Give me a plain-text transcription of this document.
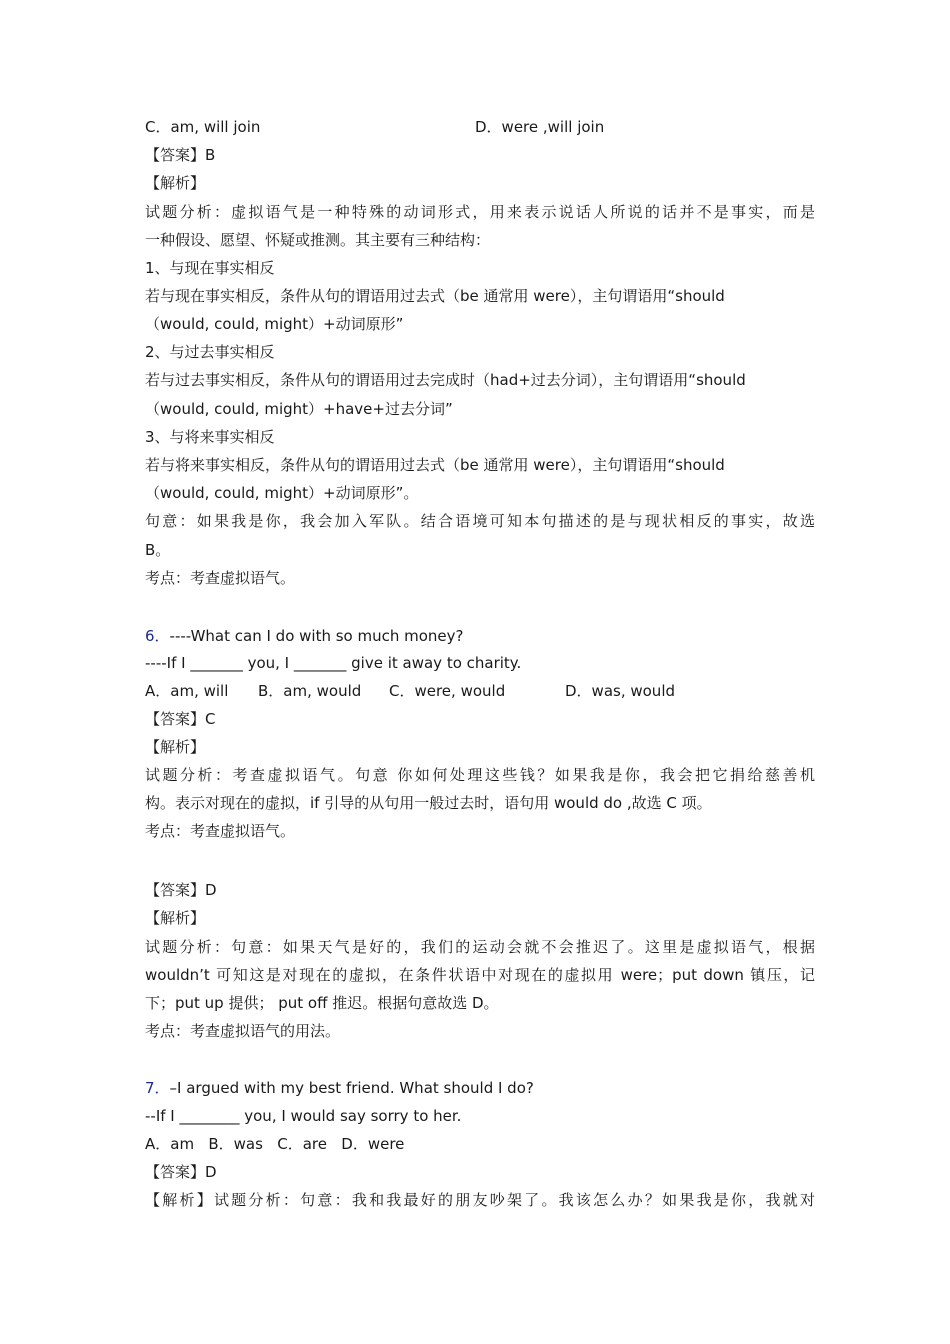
C．am, will join	D．were ,will join
【答案】B
【解析】
试题分析：虚拟语气是一种特殊的动词形式，用来表示说话人所说的话并不是事实，而是
一种假设、愿望、怀疑或推测。其主要有三种结构：
1、与现在事实相反
若与现在事实相反，条件从句的谓语用过去式（be 通常用 were），主句谓语用“should
（would, could, might）+动词原形”
2、与过去事实相反
若与过去事实相反，条件从句的谓语用过去完成时（had+过去分词），主句谓语用“should
（would, could, might）+have+过去分词”
3、与将来事实相反
若与将来事实相反，条件从句的谓语用过去式（be 通常用 were），主句谓语用“should
（would, could, might）+动词原形”。
句意：如果我是你，我会加入军队。结合语境可知本句描述的是与现状相反的事实，故选
B。
考点：考查虚拟语气。
6．----What can I do with so much money?
----If I _______ you, I _______ give it away to charity.
A．am, will B．am, would C．were, would	D．was, would
【答案】C
【解析】
试题分析：考查虚拟语气。句意 你如何处理这些钱？如果我是你，我会把它捐给慈善机
构。表示对现在的虚拟，if 引导的从句用一般过去时，语句用 would do ,故选 C 项。
考点：考查虚拟语气。
【答案】D
【解析】
试题分析：句意：如果天气是好的，我们的运动会就不会推迟了。这里是虚拟语气，根据
wouldn’t 可知这是对现在的虚拟，在条件状语中对现在的虚拟用 were；put down 镇压，记
下；put up 提供； put off 推迟。根据句意故选 D。
考点：考查虚拟语气的用法。
7．–I argued with my best friend. What should I do?
--If I ________ you, I would say sorry to her.
A．am   B．was   C．are   D．were
【答案】D
【解析】试题分析：句意：我和我最好的朋友吵架了。我该怎么办？如果我是你，我就对
